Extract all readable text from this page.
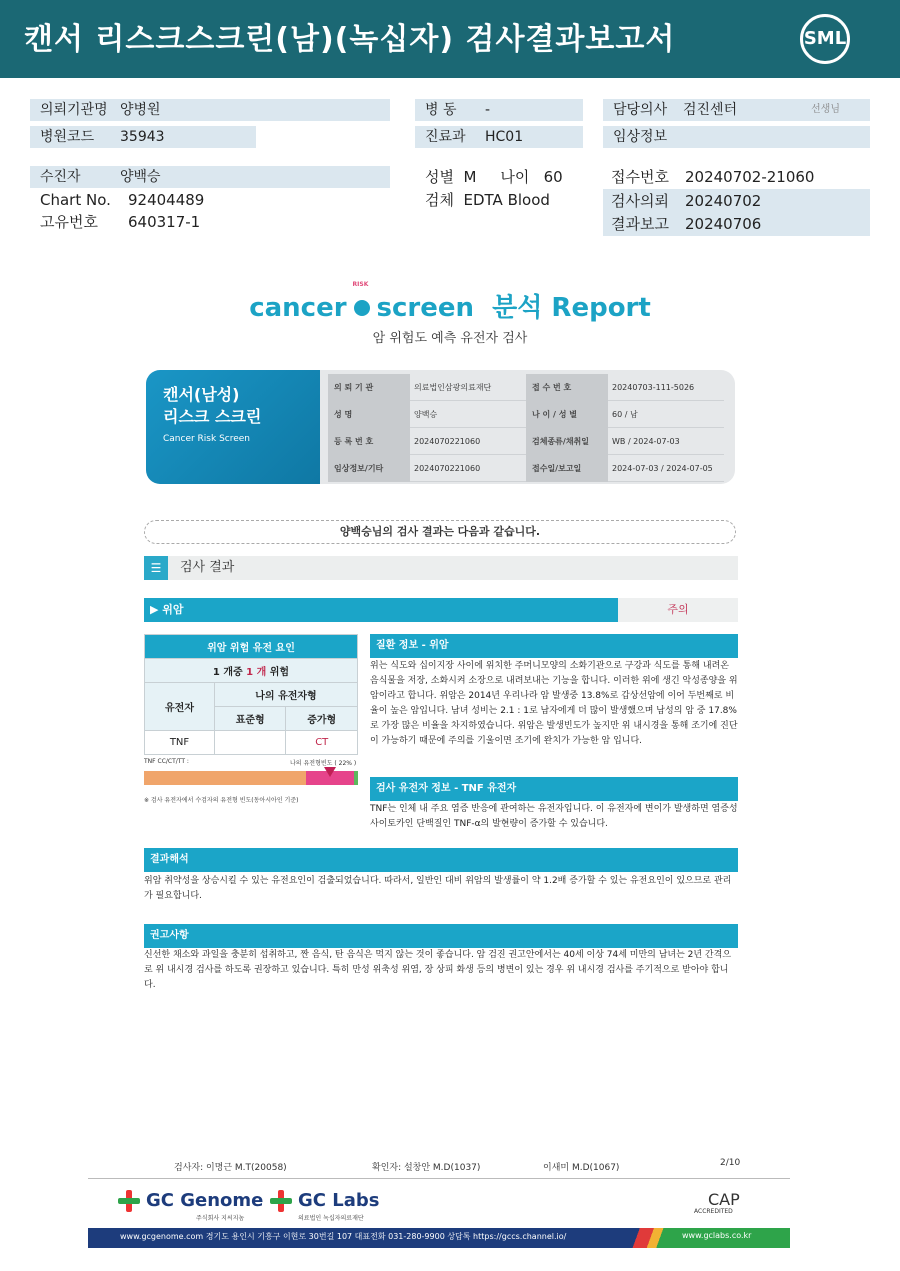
캔서 리스크스크린(남)(녹십자) 검사결과보고서	SML
의뢰기관명 양병원
병원코드 35943
수진자	양백승
Chart No. 92404489
고유번호 640317-1
병 동 -
진료과 HC01
성별 M 나이 60
검체 EDTA Blood
담당의사 검진센터	선생님
임상정보
접수번호 20240702-21060
검사의뢰 20240702
결과보고 20240706
cancer
RISK
screen 분석 Report
암 위험도 예측 유전자 검사
캔서(남성)
리스크 스크린
Cancer Risk Screen
의 뢰 기 관	의료법인삼광의료재단	접 수 번 호	20240703-111-5026
성 명	양백승	나 이 / 성 별	60 / 남
등 록 번 호	2024070221060	검체종류/채취일	WB / 2024-07-03
임상정보/기타	2024070221060	접수일/보고일	2024-07-03 / 2024-07-05
양백승님의 검사 결과는 다음과 같습니다.
☰	검사 결과
▶ 위암	주의
위암 위험 유전 요인		
1 개중 1 개 위험		
유전자	나의 유전자형	
	표준형	증가형
TNF		CT
TNF CC/CT/TT :	나의 유전형빈도 ( 22% )
※ 검사 유전자에서 수검자의 유전형 빈도(동아시아인 기준)
질환 정보 - 위암
위는 식도와 십이지장 사이에 위치한 주머니모양의 소화기관으로 구강과 식도를 통해 내려온 음식물을 저장, 소화시켜 소장으로 내려보내는 기능을 합니다. 이러한 위에 생긴 악성종양을 위암이라고 합니다. 위암은 2014년 우리나라 암 발생중 13.8%로 갑상선암에 이어 두번째로 비율이 높은 암입니다. 남녀 성비는 2.1 : 1로 남자에게 더 많이 발생했으며 남성의 암 중 17.8%로 가장 많은 비율을 차지하였습니다. 위암은 발생빈도가 높지만 위 내시경을 통해 조기에 진단이 가능하기 때문에 주의를 기울이면 조기에 완치가 가능한 암 입니다.
검사 유전자 정보 - TNF 유전자
TNF는 인체 내 주요 염증 반응에 관여하는 유전자입니다. 이 유전자에 변이가 발생하면 염증성 사이토카인 단백질인 TNF-α의 발현량이 증가할 수 있습니다.
결과해석
위암 취약성을 상승시킬 수 있는 유전요인이 검출되었습니다. 따라서, 일반인 대비 위암의 발생률이 약 1.2배 증가할 수 있는 유전요인이 있으므로 관리가 필요합니다.
권고사항
신선한 채소와 과일을 충분히 섭취하고, 짠 음식, 탄 음식은 먹지 않는 것이 좋습니다. 암 검진 권고안에서는 40세 이상 74세 미만의 남녀는 2년 간격으로 위 내시경 검사를 하도록 권장하고 있습니다. 특히 만성 위축성 위염, 장 상피 화생 등의 병변이 있는 경우 위 내시경 검사를 주기적으로 받아야 합니다.
검사자: 이명근 M.T(20058)	확인자: 설창안 M.D(1037)	이새미 M.D(1067)	2/10
GC Genome
주식회사 지씨지놈
GC Labs
의료법인 녹십자의료재단
CAP
ACCREDITED
www.gcgenome.com 경기도 용인시 기흥구 이현로 30번길 107 대표전화 031-280-9900 상담톡 https://gccs.channel.io/	www.gclabs.co.kr
